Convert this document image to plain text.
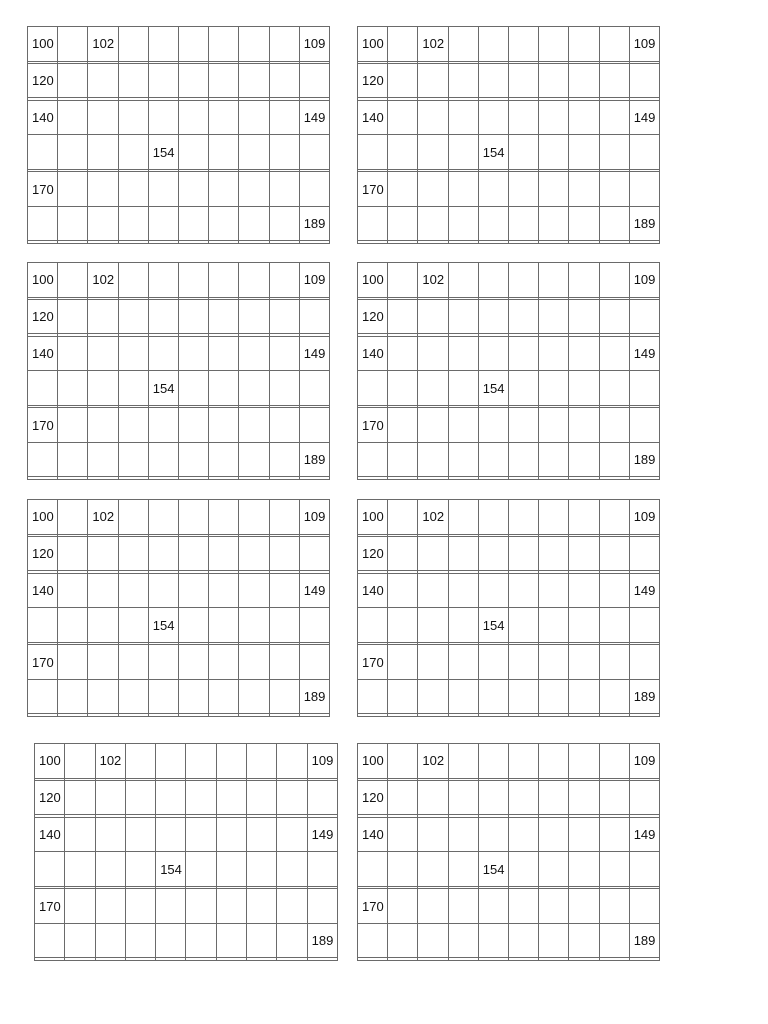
100		102							109

120									

140									149
				154					

170									
									189

100		102							109

120									

140									149
				154					

170									
									189

100		102							109

120									

140									149
				154					

170									
									189

100		102							109

120									

140									149
				154					

170									
									189

100		102							109

120									

140									149
				154					

170									
									189

100		102							109

120									

140									149
				154					

170									
									189

100		102							109

120									

140									149
				154					

170									
									189

100		102							109

120									

140									149
				154					

170									
									189
